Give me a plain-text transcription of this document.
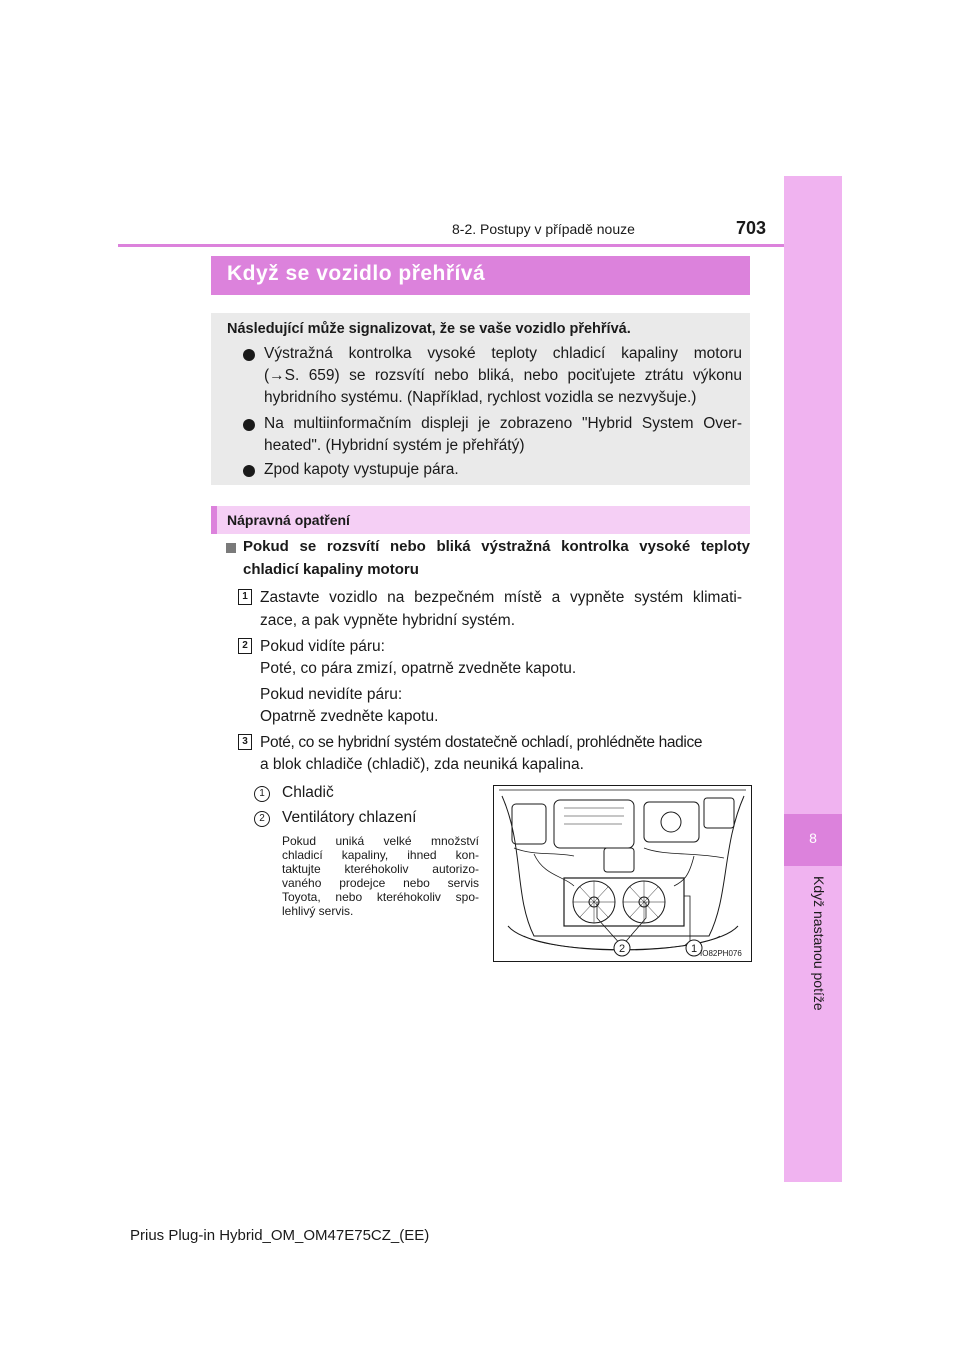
8
Když nastanou potíže
8-2. Postupy v případě nouze	703
Když se vozidlo přehřívá
Následující může signalizovat, že se vaše vozidlo přehřívá.
Výstražná kontrolka vysoké teploty chladicí kapaliny motoru
(→S. 659) se rozsvítí nebo bliká, nebo pociťujete ztrátu výkonu
hybridního systému. (Například, rychlost vozidla se nezvyšuje.)
Na multiinformačním displeji je zobrazeno "Hybrid System Over-
heated". (Hybridní systém je přehřátý)
Zpod kapoty vystupuje pára.
Nápravná opatření
Pokud se rozsvítí nebo bliká výstražná kontrolka vysoké teploty
chladicí kapaliny motoru
1 Zastavte vozidlo na bezpečném místě a vypněte systém klimati-
zace, a pak vypněte hybridní systém.
2 Pokud vidíte páru:
Poté, co pára zmizí, opatrně zvedněte kapotu.
Pokud nevidíte páru:
Opatrně zvedněte kapotu.
3 Poté, co se hybridní systém dostatečně ochladí, prohlédněte hadice
a blok chladiče (chladič), zda neuniká kapalina.
1	Chladič
2	Ventilátory chlazení
Pokud uniká velké množství
chladicí kapaliny, ihned kon-
taktujte kteréhokoliv autorizo-
vaného prodejce nebo servis
Toyota, nebo kteréhokoliv spo-
lehlivý servis.
2	1 IO82PH076
Prius Plug-in Hybrid_OM_OM47E75CZ_(EE)
